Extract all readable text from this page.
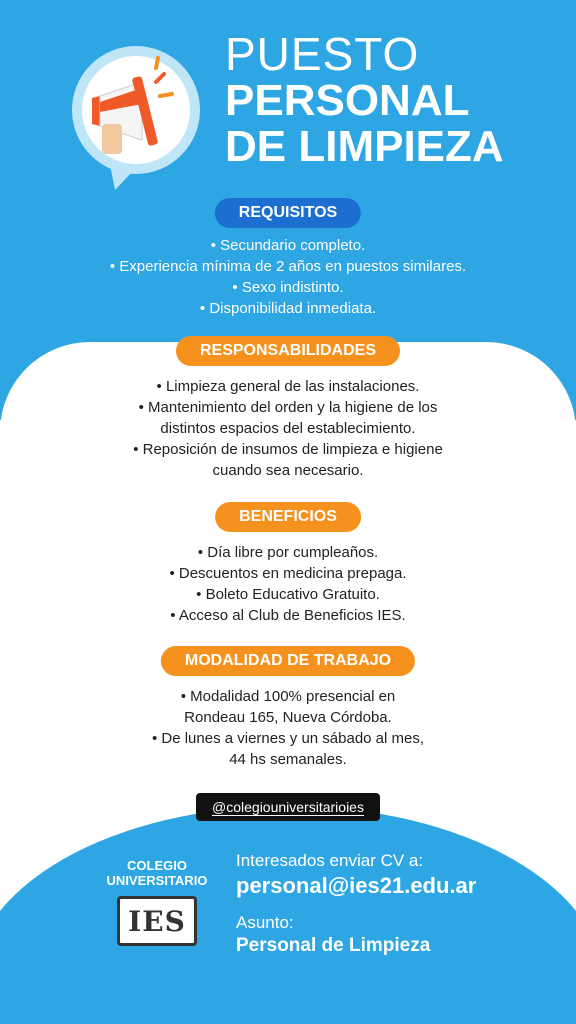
PUESTO
PERSONAL
DE LIMPIEZA
REQUISITOS
• Secundario completo.
• Experiencia mínima de 2 años en puestos similares.
• Sexo indistinto.
• Disponibilidad inmediata.
RESPONSABILIDADES
• Limpieza general de las instalaciones.
• Mantenimiento del orden y la higiene de los
distintos espacios del establecimiento.
• Reposición de insumos de limpieza e higiene
cuando sea necesario.
BENEFICIOS
• Día libre por cumpleaños.
• Descuentos en medicina prepaga.
• Boleto Educativo Gratuito.
• Acceso al Club de Beneficios IES.
MODALIDAD DE TRABAJO
• Modalidad 100% presencial en
Rondeau 165, Nueva Córdoba.
• De lunes a viernes y un sábado al mes,
44 hs semanales.
@colegiouniversitarioies
COLEGIO
UNIVERSITARIO
IES
Interesados enviar CV a:
personal@ies21.edu.ar
Asunto:
Personal de Limpieza
